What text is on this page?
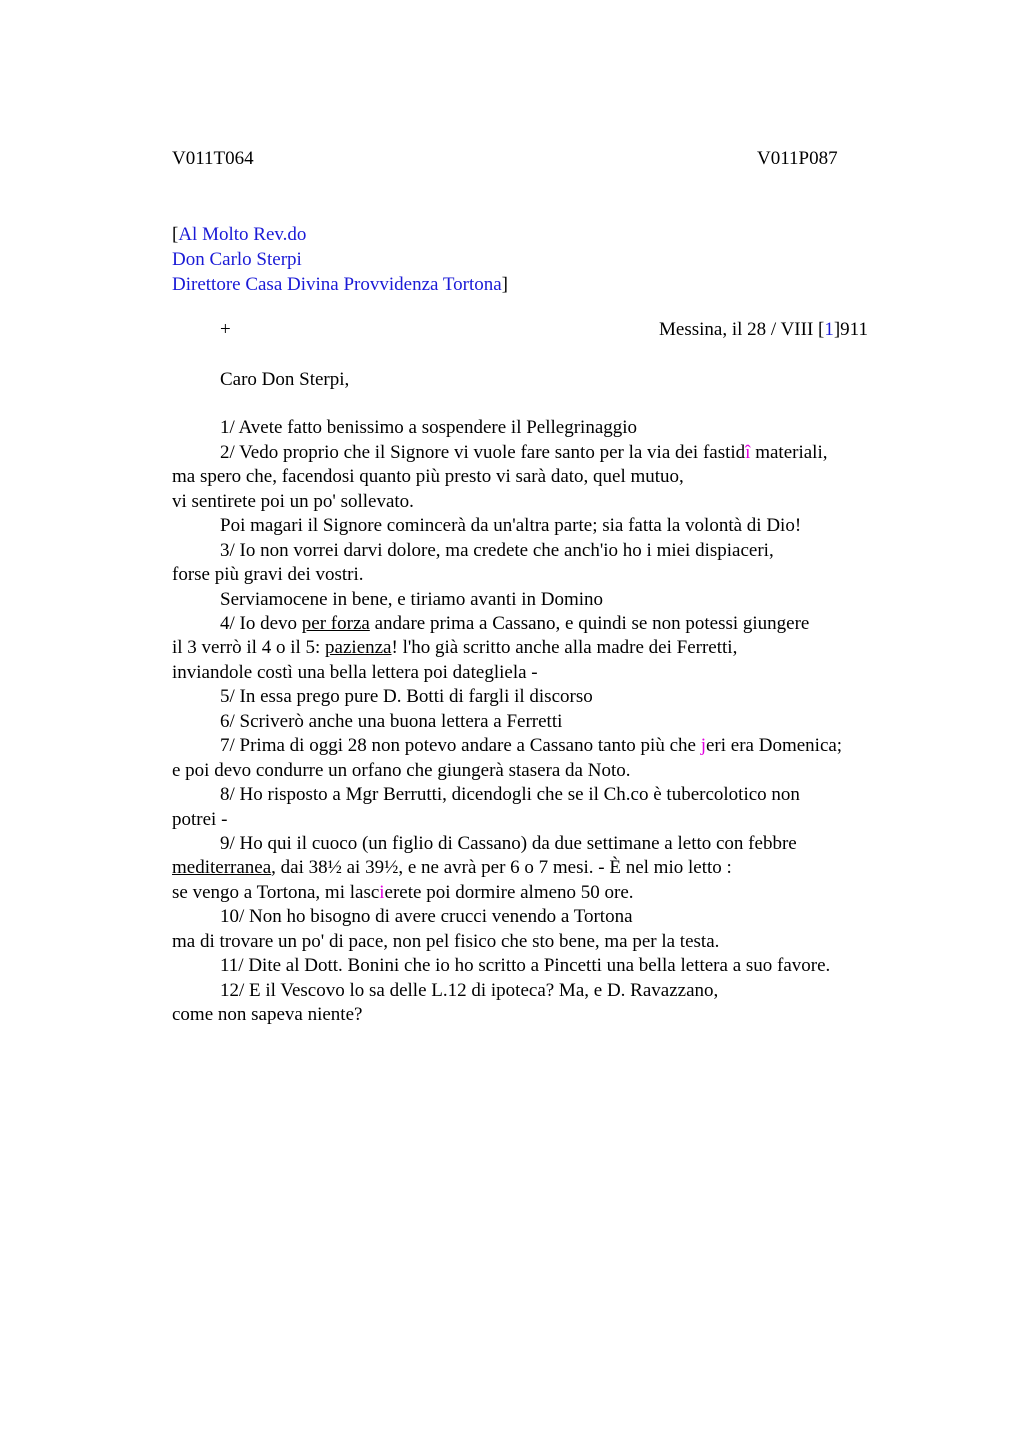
V011T064	V011P087
[Al Molto Rev.do
Don Carlo Sterpi
Direttore Casa Divina Provvidenza Tortona]
+	Messina, il 28 / VIII [1]911
Caro Don Sterpi,
1/ Avete fatto benissimo a sospendere il Pellegrinaggio
2/ Vedo proprio che il Signore vi vuole fare santo per la via dei fastidî materiali,
ma spero che, facendosi quanto più presto vi sarà dato, quel mutuo,
vi sentirete poi un po' sollevato.
Poi magari il Signore comincerà da un'altra parte; sia fatta la volontà di Dio!
3/ Io non vorrei darvi dolore, ma credete che anch'io ho i miei dispiaceri,
forse più gravi dei vostri.
Serviamocene in bene, e tiriamo avanti in Domino
4/ Io devo per forza andare prima a Cassano, e quindi se non potessi giungere
il 3 verrò il 4 o il 5: pazienza! l'ho già scritto anche alla madre dei Ferretti,
inviandole costì una bella lettera poi dategliela -
5/ In essa prego pure D. Botti di fargli il discorso
6/ Scriverò anche una buona lettera a Ferretti
7/ Prima di oggi 28 non potevo andare a Cassano tanto più che jeri era Domenica;
e poi devo condurre un orfano che giungerà stasera da Noto.
8/ Ho risposto a Mgr Berrutti, dicendogli che se il Ch.co è tubercolotico non
potrei -
9/ Ho qui il cuoco (un figlio di Cassano) da due settimane a letto con febbre
mediterranea, dai 38½ ai 39½, e ne avrà per 6 o 7 mesi. - È nel mio letto :
se vengo a Tortona, mi lascierete poi dormire almeno 50 ore.
10/ Non ho bisogno di avere crucci venendo a Tortona
ma di trovare un po' di pace, non pel fisico che sto bene, ma per la testa.
11/ Dite al Dott. Bonini che io ho scritto a Pincetti una bella lettera a suo favore.
12/ E il Vescovo lo sa delle L.12 di ipoteca? Ma, e D. Ravazzano,
come non sapeva niente?
